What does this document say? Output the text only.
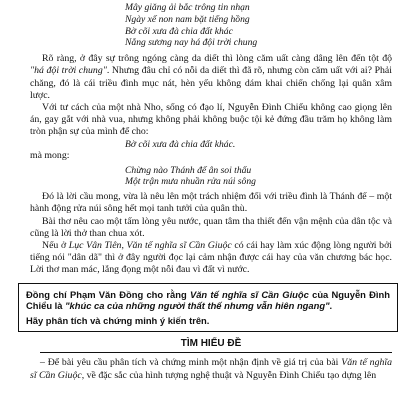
Mây giăng ải bắc trông tin nhạn
Ngày xế non nam bặt tiếng hồng
Bờ cõi xưa đà chia đất khác
Nắng sương nay há đội trời chung

Rõ ràng, ở đây sự trông ngóng càng da diết thì lòng căm uất càng dâng lên đến tột độ "há đội trời chung". Nhưng đâu chỉ có nỗi da diết thì đã rõ, nhưng còn căm uất với ai? Phải chăng, đó là cái triều đình mục nát, hèn yếu không dám khai chiến chống lại quân xâm lược.

Với tư cách của một nhà Nho, sống có đạo lí, Nguyễn Đình Chiểu không cao giọng lên án, gay gắt với nhà vua, nhưng không phải không buộc tội kẻ đứng đầu trăm họ không làm tròn phận sự của mình để cho:

Bờ cõi xưa đà chia đất khác.

mà mong:

Chừng nào Thánh đế ân soi thấu
Một trận mưa nhuần rửa núi sông

Đó là lời cầu mong, vừa là nêu lên một trách nhiệm đối với triều đình là Thánh đế – một hành động rửa núi sông hết mọi tanh tưởi của quân thù.

Bài thơ nêu cao một tấm lòng yêu nước, quan tâm tha thiết đến vận mệnh của dân tộc và cũng là lời thở than chua xót.

Nếu ở Lục Vân Tiên, Văn tế nghĩa sĩ Cần Giuộc có cái hay làm xúc động lòng người bởi tiếng nói "dân dã" thì ở đây người đọc lại cảm nhận được cái hay của văn chương bác học. Lời thơ man mác, lắng đọng một nỗi đau vì đất vì nước.

Đồng chí Phạm Văn Đồng cho rằng Văn tế nghĩa sĩ Cần Giuộc của Nguyễn Đình Chiểu là "khúc ca của những người thất thế nhưng vẫn hiên ngang".
Hãy phân tích và chứng minh ý kiến trên.
TÌM HIỂU ĐỀ

– Để bài yêu cầu phân tích và chứng minh một nhận định về giá trị của bài Văn tế nghĩa sĩ Cần Giuộc, về đặc sắc của hình tượng nghệ thuật và Nguyễn Đình Chiểu tạo dựng lên
